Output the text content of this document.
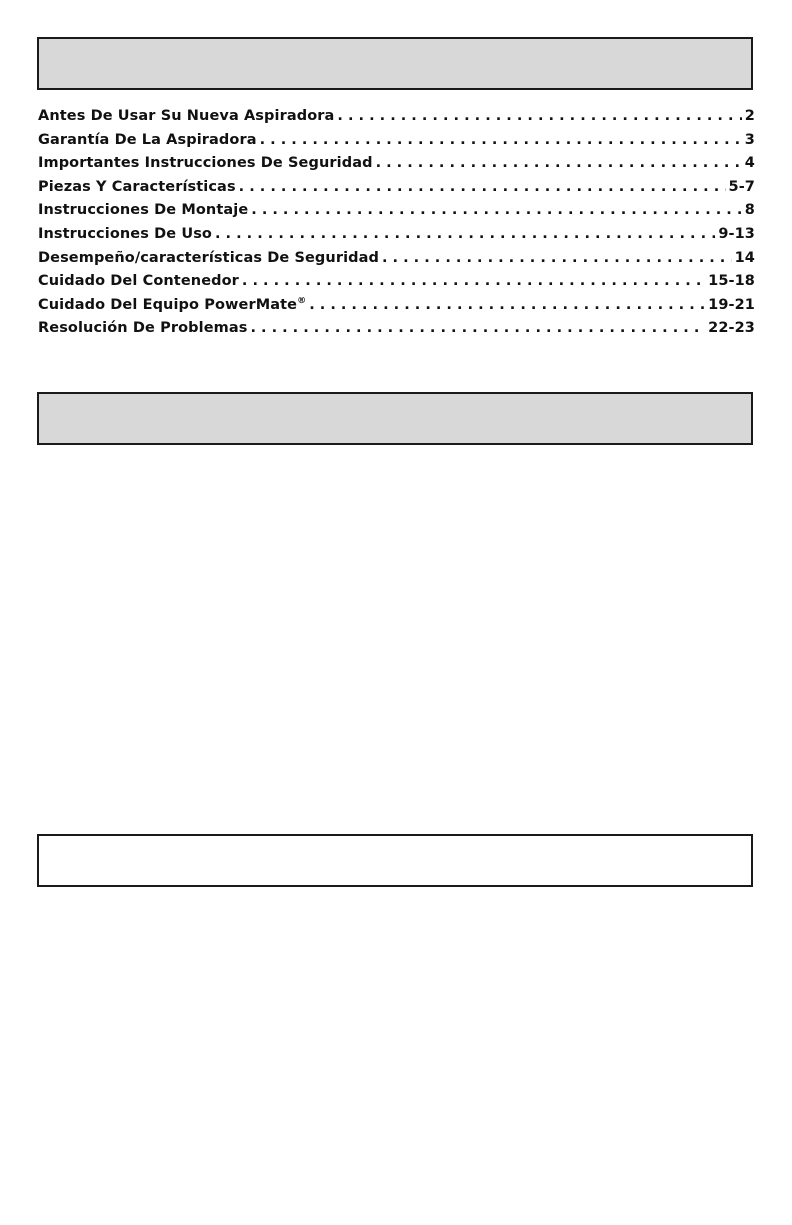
Antes De Usar Su Nueva Aspiradora . . .	2
Garantía De La Aspiradora . . .	3
Importantes Instrucciones De Seguridad . . .	4
Piezas Y Características . . .	5-7
Instrucciones De Montaje . . .	8
Instrucciones De Uso . . .	9-13
Desempeño/características De Seguridad . . .	14
Cuidado Del Contenedor . . .	15-18
Cuidado Del Equipo PowerMate® . . .	19-21
Resolución De Problemas . . .	22-23
